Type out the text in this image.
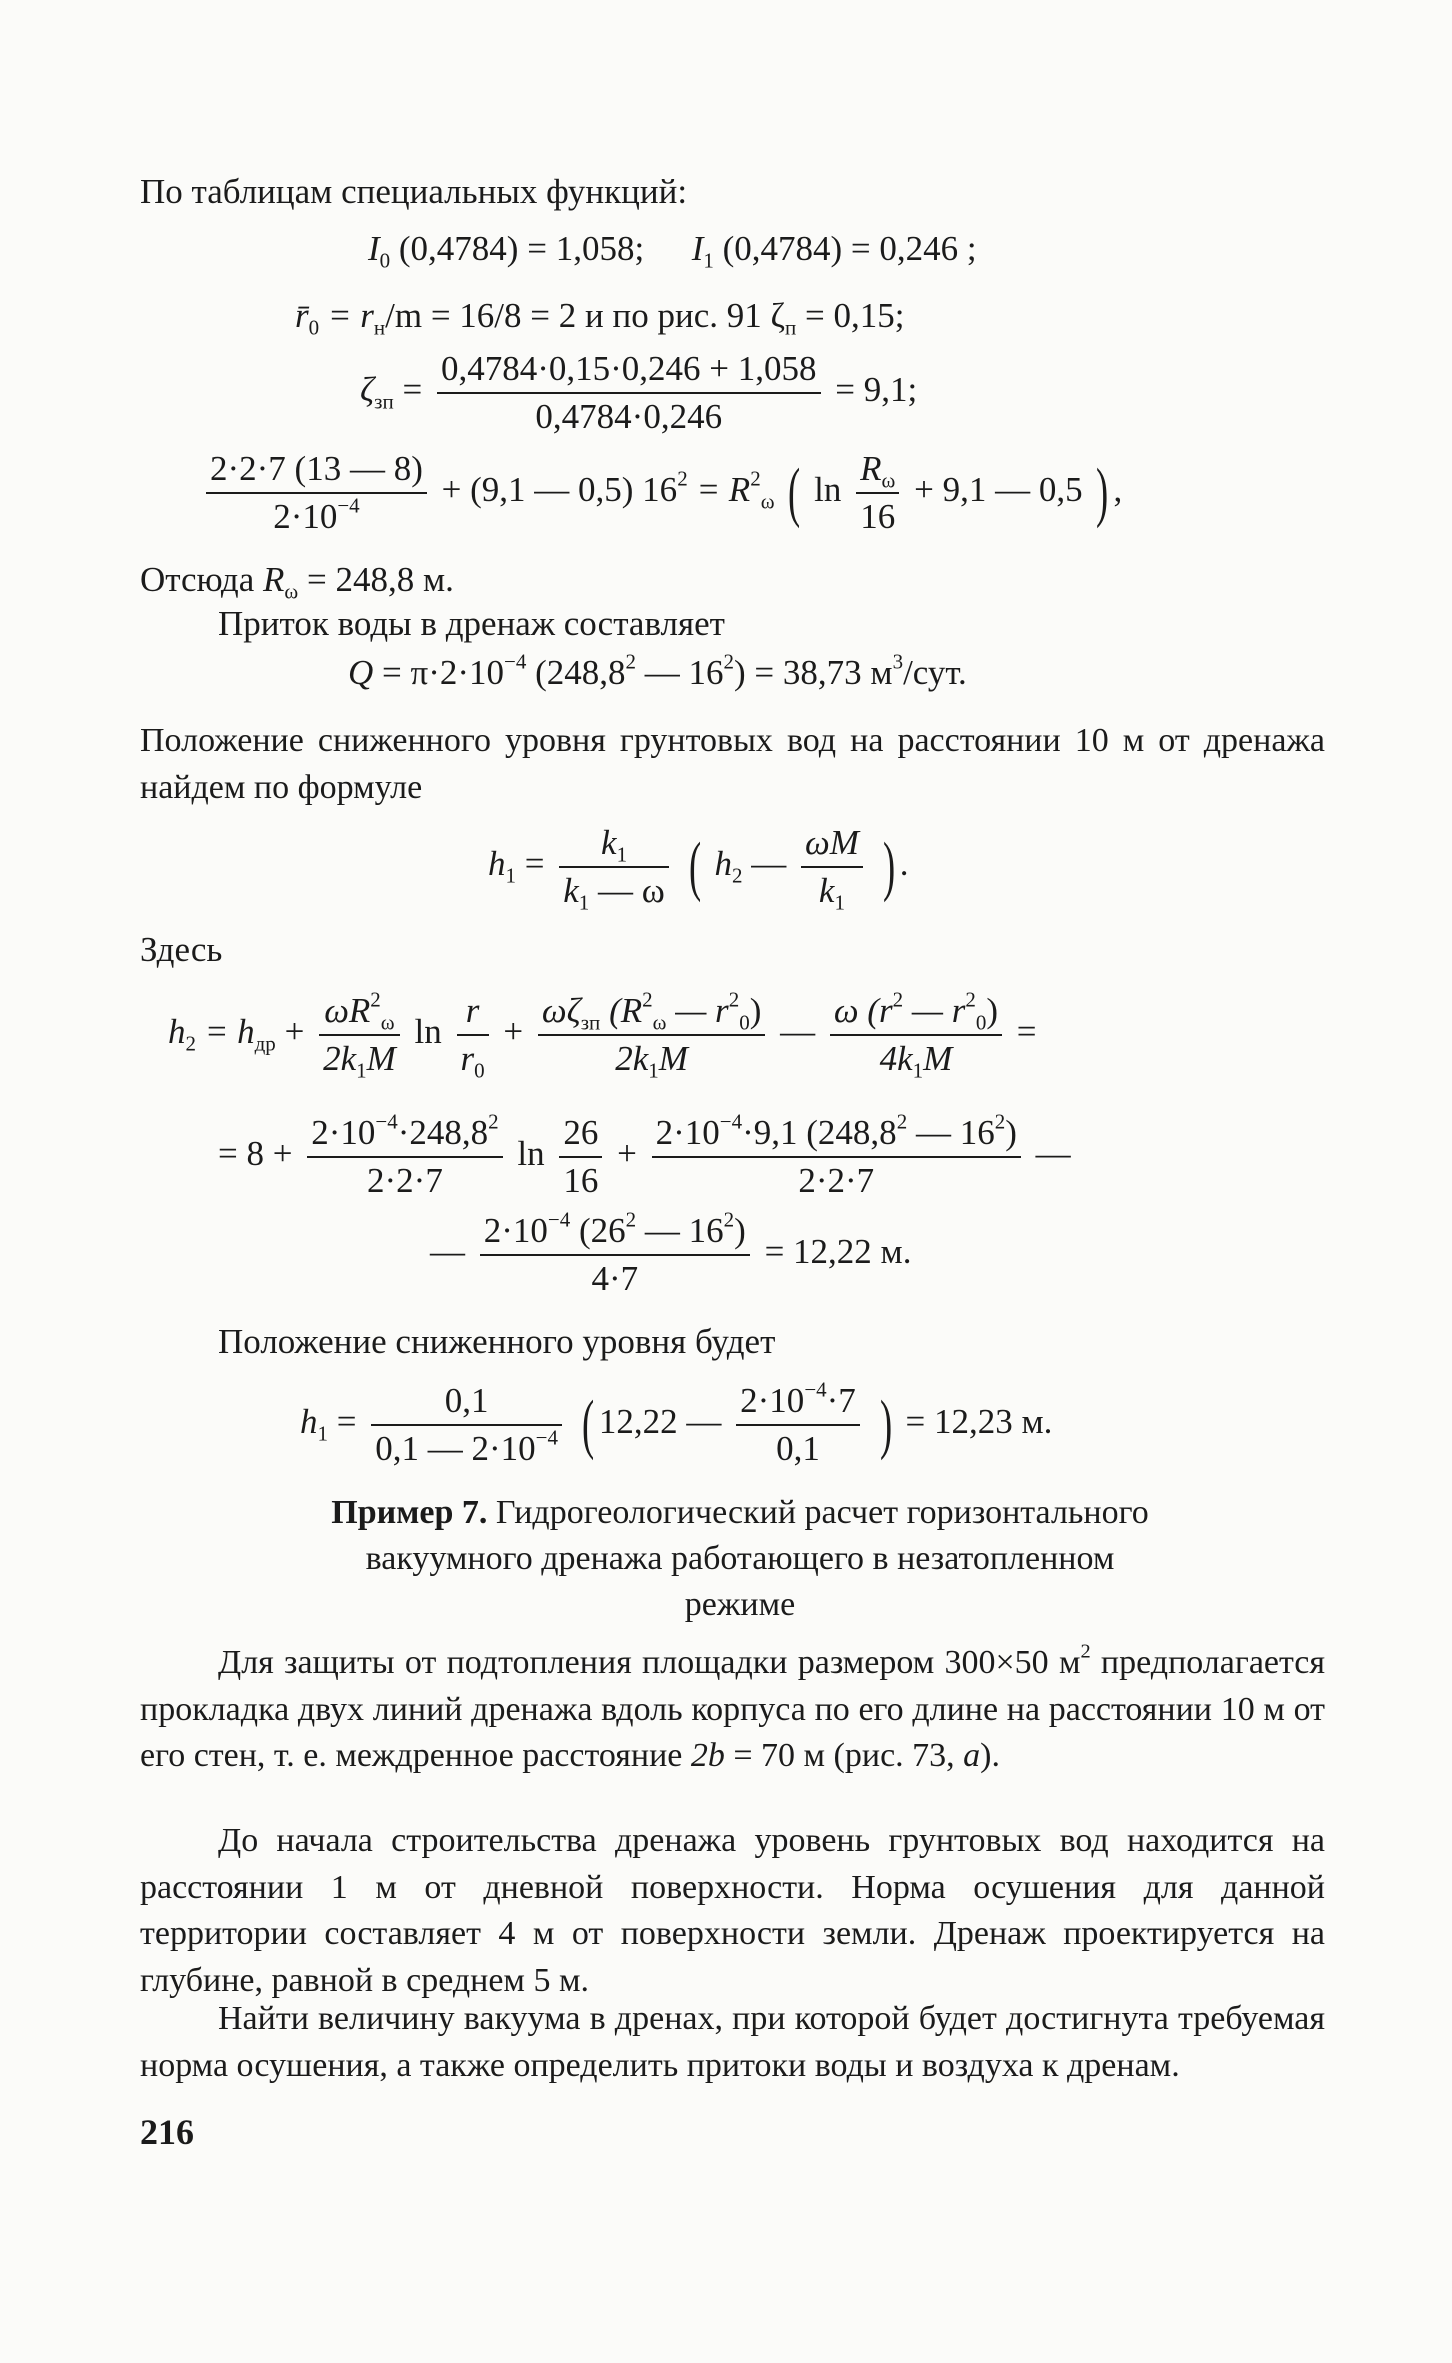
По таблицам специальных функций:
$I_0$ (0,4784) = 1,058; $I_1$ (0,4784) = 0,246 ;
$r̄_0 = r_н/m = 16/8 = 2$ и по рис. 91 $\zeta_п = 0,15$;
$\zeta_{зп} = \frac{0,4784\cdot 0,15\cdot 0,246 + 1,058}{0,4784\cdot 0,246} = 9,1$;
$\frac{2\cdot 2\cdot 7 (13 — 8)}{2\cdot 10^{-4}} + (9,1$ — 0,5) $16^2 = R^2_\omega$ ( $\ln \frac{R_\omega}{16} + 9,1$ — 0,5 ) ,
Отсюда $R_\omega = 248,8$ м.
Приток воды в дренаж составляет
$Q = \pi\cdot 2\cdot 10^{-4}$ (248,8$^2$ — $16^2) = 38,73$ $м^3$/сут.
Положение сниженного уровня грунтовых вод на расстоянии 10 м от дренажа найдем по формуле
$h_1 = \frac{k_1}{k_1 — \omega}$ ( $h_2$ — $\frac{\omega M}{k_1}$ ) .
Здесь
$h_2 = h_{др} + \frac{\omega R^2_\omega}{2k_1M}$ $\ln \frac{r}{r_0} + \frac{\omega\zeta_{зп} (R^2_\omega — r^2_0)}{2k_1M}$ — $\frac{\omega (r^2 — r^2_0)}{4k_1M}$ =
= $8 + \frac{2\cdot 10^{-4}\cdot 248,8^2}{2\cdot 2\cdot 7}$ $\ln \frac{26}{16} + \frac{2\cdot 10^{-4}\cdot 9,1 (248,8^2 — 16^2)}{2\cdot 2\cdot 7}$ —
— $\frac{2\cdot 10^{-4} (26^2 — 16^2)}{4\cdot 7} = 12,22$ м.
Положение сниженного уровня будет
$h_1 = \frac{0,1}{0,1 — 2\cdot 10^{-4}}$ ( 12,22 — $\frac{2\cdot 10^{-4}\cdot 7}{0,1}$ ) = 12,23 м.
Пример 7. Гидрогеологический расчет горизонтального
вакуумного дренажа работающего в незатопленном
режиме
Для защиты от подтопления площадки размером 300×50 $м^2$ предполагается прокладка двух линий дренажа вдоль корпуса по его длине на расстоянии 10 м от его стен, т. е. междренное расстояние 2b = 70 м (рис. 73, a).
До начала строительства дренажа уровень грунтовых вод находится на расстоянии 1 м от дневной поверхности. Норма осушения для данной территории составляет 4 м от поверхности земли. Дренаж проектируется на глубине, равной в среднем 5 м.
Найти величину вакуума в дренах, при которой будет достигнута требуемая норма осушения, а также определить притоки воды и воздуха к дренам.
216
